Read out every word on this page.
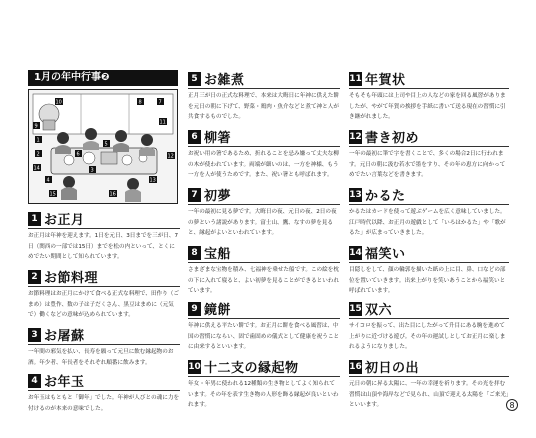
1月の年中行事❷
1
2
3
4
5
6
7
8
9
10
11
12
13
14
15	16
1 お正月
お正月は年神を迎えます。1日を元日、3日までを三が日、7日（関西の一部では15日）までを松の内といって、とくにめでたい期間として知られています。
2 お節料理
お節料理はお正月にかけて食べる正式な料理で、田作り（ごまめ）は豊作、数の子は子だくさん、黒豆はまめに（元気で）働くなどの意味が込められています。
3 お屠蘇
一年間の邪気を払い、長寿を願って元旦に飲む縁起物のお酒。年少者、年長者をそれぞれ順番に飲みます。
4 お年玉
お年玉はもともと「御年」でした。年神が人びとの魂に力を付けるのが本来の意味でした。
5 お雑煮
正月三が日の正式な料理で、本来は大晦日に年神に供えた餅を元日の朝に下げて、野菜・鶏肉・魚介などと煮て神と人が共食するものでした。
6 柳箸
お祝い用の箸であるため、折れることを忌み嫌って丈夫な柳の木が使われています。両端が細いのは、一方を神様、もう一方を人が使うためです。また、祝い箸とも呼ばれます。
7 初夢
一年の最初に見る夢です。大晦日の夜、元日の夜、2日の夜の夢という諸説があります。富士山、鷹、なすの夢を見ると、縁起がよいといわれています。
8 宝船
さまざまな宝物を積み、七福神を乗せた船です。この絵を枕の下に入れて寝ると、よい初夢を見ることができるといわれています。
9 鏡餅
年神に供える平たい餅です。お正月に餅を食べる風習は、中国の習慣にならい、固で歯固めの儀式として健康を祝うことに由来するといいます。
10 十二支の縁起物
年女・年男に使われる12種類の生き物としてよく知られています。その年を表す生き物の人形を飾る縁起が良いといわれます。
11 年賀状
そもそも年頭には上司や目上の人などの家を回る風習がありましたが、やがて年賀の挨拶を手紙に書いて送る現在の習慣に引き継がれました。
12 書き初め
一年の最初に筆で字を書くことで、多くの場合2日に行われます。元日の朝に汲む若水で墨をすり、その年の恵方に向かってめでたい言葉などを書きます。
13 かるた
かるたはカードを使って遊ぶゲームを広く意味していました。江戸時代以降、お正月の遊戯として「いろはかるた」や「歌がるた」が広まっていきました。
14 福笑い
目隠しをして、顔の輪郭を描いた紙の上に目、鼻、口などの部位を置いていきます。出来上がりを笑いあうことから福笑いと呼ばれています。
15 双六
サイコロを振って、出た目にしたがって升目にある駒を進めて上がりに近づける遊び。その年の運試しとしてお正月に楽しまれるようになりました。
16 初日の出
元日の朝に昇る太陽に、一年の幸運を祈ります。その光を拝む習慣は山頂や海岸などで見られ、山頂で迎える太陽を「ご来光」といいます。	8
